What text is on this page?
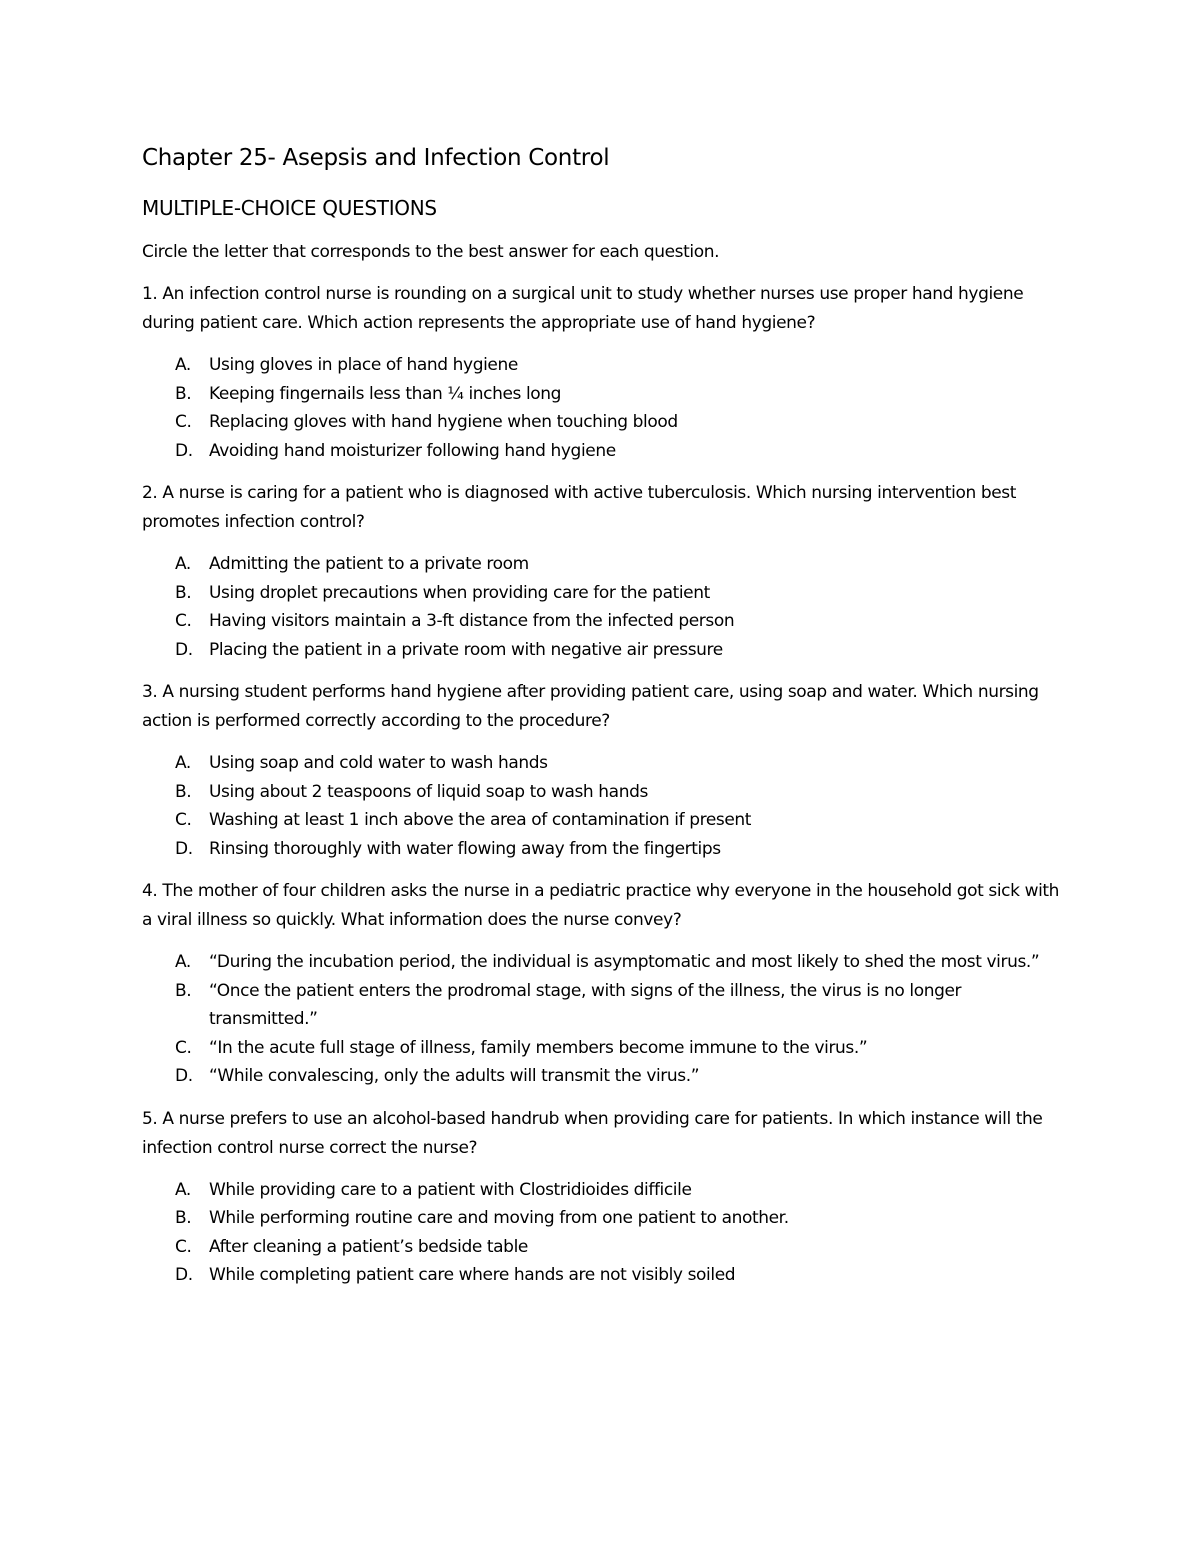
Chapter 25- Asepsis and Infection Control
MULTIPLE-CHOICE QUESTIONS

Circle the letter that corresponds to the best answer for each question.

1. An infection control nurse is rounding on a surgical unit to study whether nurses use proper hand hygiene during patient care. Which action represents the appropriate use of hand hygiene?

A.	Using gloves in place of hand hygiene
B.	Keeping fingernails less than ¼ inches long
C.	Replacing gloves with hand hygiene when touching blood
D. Avoiding hand moisturizer following hand hygiene

2. A nurse is caring for a patient who is diagnosed with active tuberculosis. Which nursing intervention best promotes infection control?

A.	Admitting the patient to a private room
B.	Using droplet precautions when providing care for the patient
C.	Having visitors maintain a 3-ft distance from the infected person
D. Placing the patient in a private room with negative air pressure

3. A nursing student performs hand hygiene after providing patient care, using soap and water. Which nursing action is performed correctly according to the procedure?

A.	Using soap and cold water to wash hands
B.	Using about 2 teaspoons of liquid soap to wash hands
C.	Washing at least 1 inch above the area of contamination if present
D. Rinsing thoroughly with water flowing away from the fingertips

4. The mother of four children asks the nurse in a pediatric practice why everyone in the household got sick with a viral illness so quickly. What information does the nurse convey?

A.	“During the incubation period, the individual is asymptomatic and most likely to shed the most virus.”
B.	“Once the patient enters the prodromal stage, with signs of the illness, the virus is no longer transmitted.”
C.	“In the acute full stage of illness, family members become immune to the virus.”
D. “While convalescing, only the adults will transmit the virus.”

5. A nurse prefers to use an alcohol-based handrub when providing care for patients. In which instance will the infection control nurse correct the nurse?

A.	While providing care to a patient with Clostridioides difficile
B.	While performing routine care and moving from one patient to another.
C.	After cleaning a patient’s bedside table
D. While completing patient care where hands are not visibly soiled
